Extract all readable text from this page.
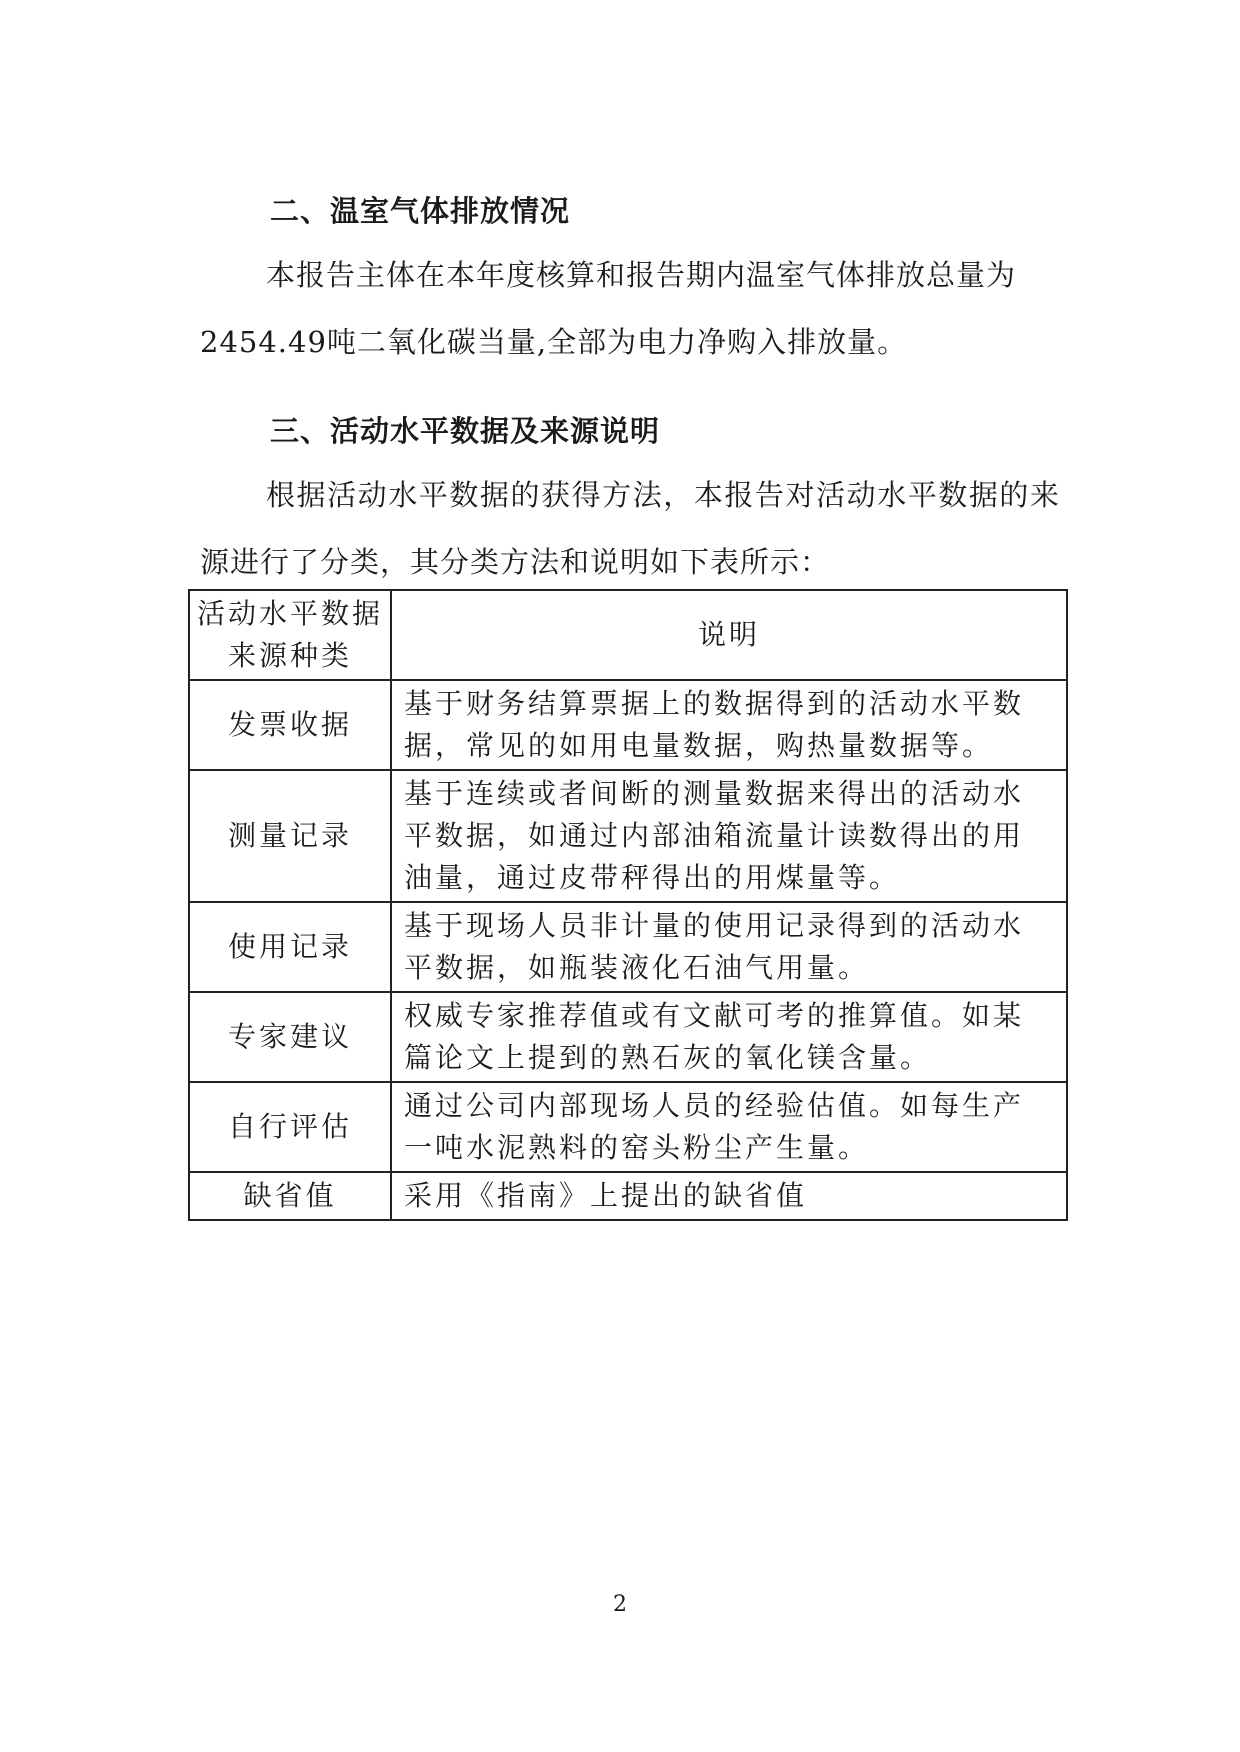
二、温室气体排放情况

本报告主体在本年度核算和报告期内温室气体排放总量为2454.49吨二氧化碳当量,全部为电力净购入排放量。

三、活动水平数据及来源说明

根据活动水平数据的获得方法，本报告对活动水平数据的来源进行了分类，其分类方法和说明如下表所示：

活动水平数据来源种类	说明
发票收据	基于财务结算票据上的数据得到的活动水平数据，常见的如用电量数据，购热量数据等。
测量记录	基于连续或者间断的测量数据来得出的活动水平数据，如通过内部油箱流量计读数得出的用油量，通过皮带秤得出的用煤量等。
使用记录	基于现场人员非计量的使用记录得到的活动水平数据，如瓶装液化石油气用量。
专家建议	权威专家推荐值或有文献可考的推算值。如某篇论文上提到的熟石灰的氧化镁含量。
自行评估	通过公司内部现场人员的经验估值。如每生产一吨水泥熟料的窑头粉尘产生量。
缺省值	采用《指南》上提出的缺省值

2
